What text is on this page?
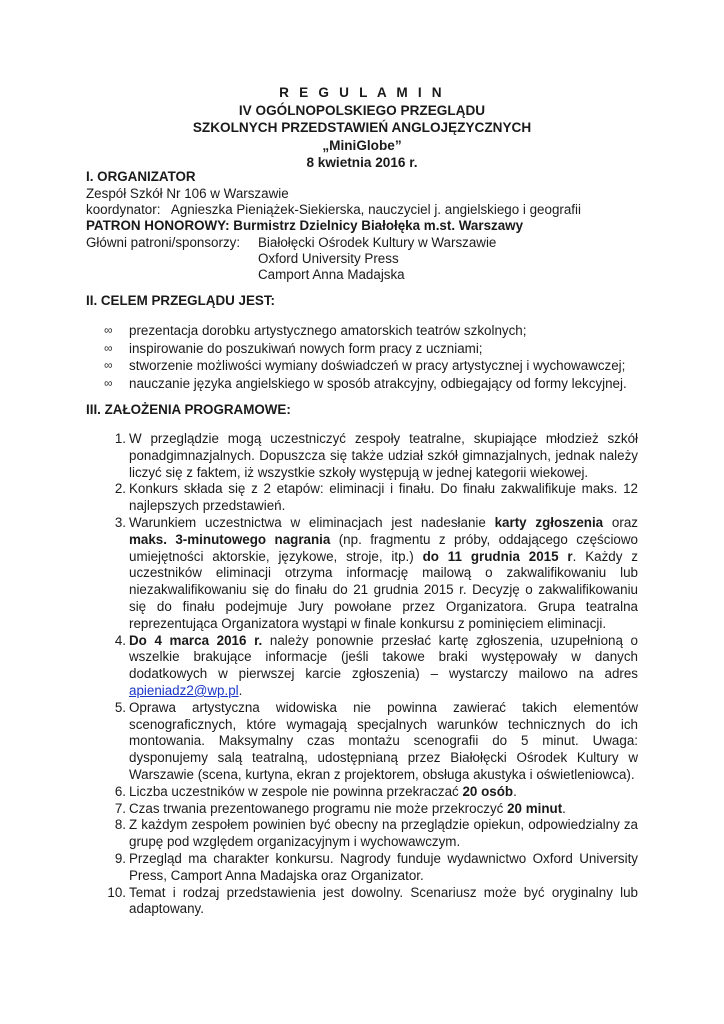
R E G U L A M I N
IV OGÓLNOPOLSKIEGO PRZEGLĄDU
SZKOLNYCH PRZEDSTAWIEŃ ANGLOJĘZYCZNYCH
„MiniGlobe”
8 kwietnia 2016 r.
I. ORGANIZATOR
Zespół Szkół Nr 106 w Warszawie
koordynator:   Agnieszka Pieniążek-Siekierska, nauczyciel j. angielskiego i geografii
PATRON HONOROWY: Burmistrz Dzielnicy Białołęka m.st. Warszawy
Główni patroni/sponsorzy: Białołęcki Ośrodek Kultury w Warszawie
Oxford University Press
Camport Anna Madajska
II. CELEM PRZEGLĄDU JEST:
∞ prezentacja dorobku artystycznego amatorskich teatrów szkolnych;
∞ inspirowanie do poszukiwań nowych form pracy z uczniami;
∞ stworzenie możliwości wymiany doświadczeń w pracy artystycznej i wychowawczej;
∞ nauczanie języka angielskiego w sposób atrakcyjny, odbiegający od formy lekcyjnej.
III. ZAŁOŻENIA PROGRAMOWE:
1. W przeglądzie mogą uczestniczyć zespoły teatralne, skupiające młodzież szkół ponadgimnazjalnych. Dopuszcza się także udział szkół gimnazjalnych, jednak należy liczyć się z faktem, iż wszystkie szkoły występują w jednej kategorii wiekowej.
2. Konkurs składa się z 2 etapów: eliminacji i finału. Do finału zakwalifikuje maks. 12 najlepszych przedstawień.
3. Warunkiem uczestnictwa w eliminacjach jest nadesłanie karty zgłoszenia oraz maks. 3-minutowego nagrania (np. fragmentu z próby, oddającego częściowo umiejętności aktorskie, językowe, stroje, itp.) do 11 grudnia 2015 r. Każdy z uczestników eliminacji otrzyma informację mailową o zakwalifikowaniu lub niezakwalifikowaniu się do finału do 21 grudnia 2015 r. Decyzję o zakwalifikowaniu się do finału podejmuje Jury powołane przez Organizatora. Grupa teatralna reprezentująca Organizatora wystąpi w finale konkursu z pominięciem eliminacji.
4. Do 4 marca 2016 r. należy ponownie przesłać kartę zgłoszenia, uzupełnioną o wszelkie brakujące informacje (jeśli takowe braki występowały w danych dodatkowych w pierwszej karcie zgłoszenia) – wystarczy mailowo na adres apieniadz2@wp.pl.
5. Oprawa artystyczna widowiska nie powinna zawierać takich elementów scenograficznych, które wymagają specjalnych warunków technicznych do ich montowania. Maksymalny czas montażu scenografii do 5 minut. Uwaga: dysponujemy salą teatralną, udostępnianą przez Białołęcki Ośrodek Kultury w Warszawie (scena, kurtyna, ekran z projektorem, obsługa akustyka i oświetleniowca).
6. Liczba uczestników w zespole nie powinna przekraczać 20 osób.
7. Czas trwania prezentowanego programu nie może przekroczyć 20 minut.
8. Z każdym zespołem powinien być obecny na przeglądzie opiekun, odpowiedzialny za grupę pod względem organizacyjnym i wychowawczym.
9. Przegląd ma charakter konkursu. Nagrody funduje wydawnictwo Oxford University Press, Camport Anna Madajska oraz Organizator.
10. Temat i rodzaj przedstawienia jest dowolny. Scenariusz może być oryginalny lub adaptowany.
